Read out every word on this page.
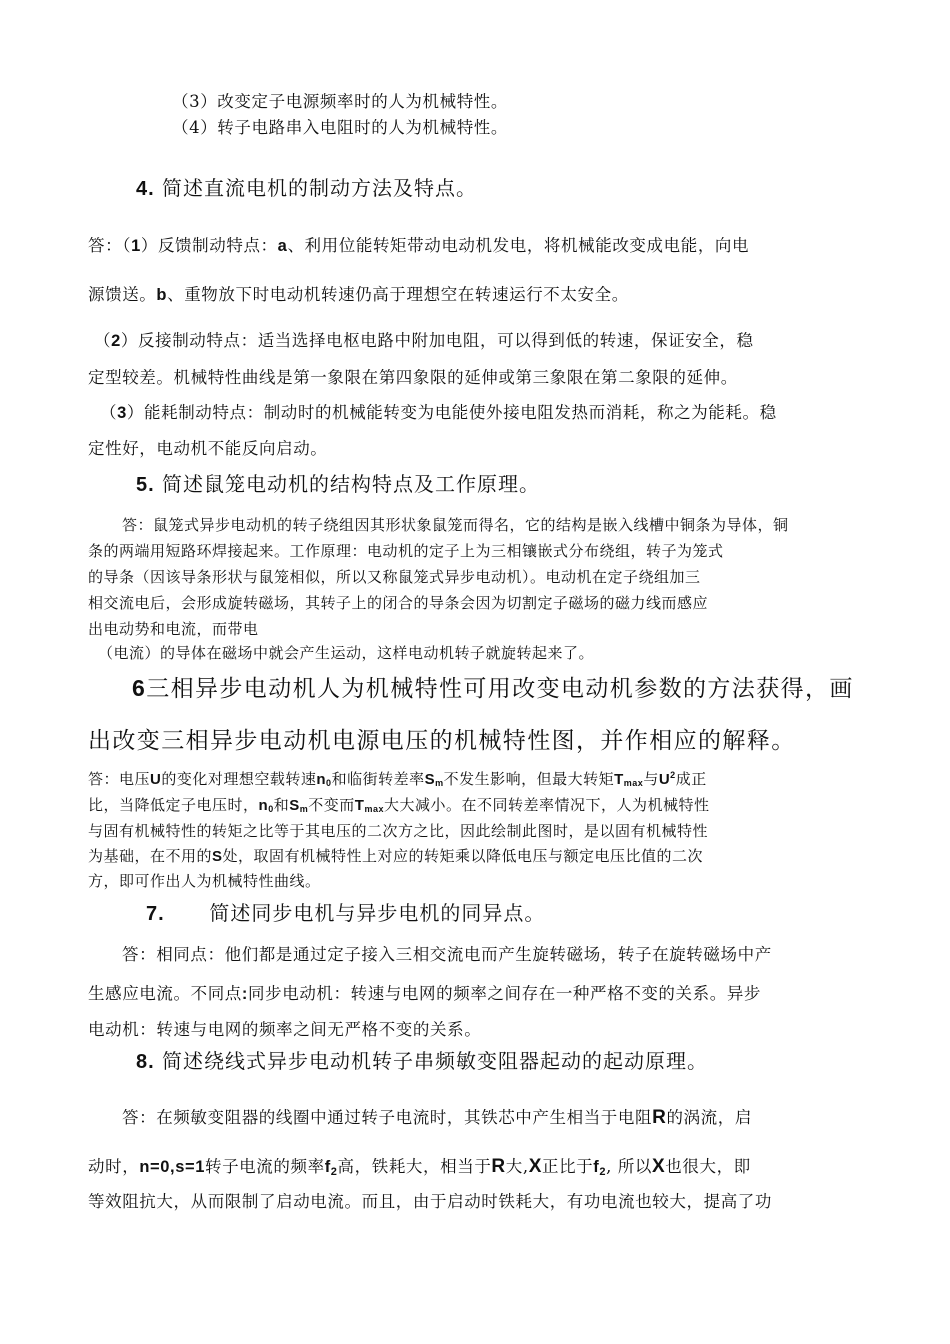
（3）改变定子电源频率时的人为机械特性。
（4）转子电路串入电阻时的人为机械特性。
4. 简述直流电机的制动方法及特点。
答：（1）反馈制动特点：a、利用位能转矩带动电动机发电，将机械能改变成电能，向电
源馈送。b、重物放下时电动机转速仍高于理想空在转速运行不太安全。
（2）反接制动特点：适当选择电枢电路中附加电阻，可以得到低的转速，保证安全，稳
定型较差。机械特性曲线是第一象限在第四象限的延伸或第三象限在第二象限的延伸。
（3）能耗制动特点：制动时的机械能转变为电能使外接电阻发热而消耗，称之为能耗。稳
定性好，电动机不能反向启动。
5. 简述鼠笼电动机的结构特点及工作原理。
答：鼠笼式异步电动机的转子绕组因其形状象鼠笼而得名，它的结构是嵌入线槽中铜条为导体，铜
条的两端用短路环焊接起来。工作原理：电动机的定子上为三相镶嵌式分布绕组，转子为笼式
的导条（因该导条形状与鼠笼相似，所以又称鼠笼式异步电动机）。电动机在定子绕组加三
相交流电后，会形成旋转磁场，其转子上的闭合的导条会因为切割定子磁场的磁力线而感应
出电动势和电流，而带电
（电流）的导体在磁场中就会产生运动，这样电动机转子就旋转起来了。
6三相异步电动机人为机械特性可用改变电动机参数的方法获得，画
出改变三相异步电动机电源电压的机械特性图，并作相应的解释。
答：电压U的变化对理想空载转速$n_0$和临街转差率$S_m$不发生影响，但最大转矩$T_{max}$与$U^2$成正
比，当降低定子电压时，$n_0$和$S_m$不变而$T_{max}$大大减小。在不同转差率情况下，人为机械特性
与固有机械特性的转矩之比等于其电压的二次方之比，因此绘制此图时，是以固有机械特性
为基础，在不用的S处，取固有机械特性上对应的转矩乘以降低电压与额定电压比值的二次
方，即可作出人为机械特性曲线。
7. 简述同步电机与异步电机的同异点。
答：相同点：他们都是通过定子接入三相交流电而产生旋转磁场，转子在旋转磁场中产
生感应电流。不同点:同步电动机：转速与电网的频率之间存在一种严格不变的关系。异步
电动机：转速与电网的频率之间无严格不变的关系。
8. 简述绕线式异步电动机转子串频敏变阻器起动的起动原理。
答：在频敏变阻器的线圈中通过转子电流时，其铁芯中产生相当于电阻R的涡流，启
动时，n=0,s=1转子电流的频率f2高，铁耗大，相当于R大,X正比于f2, 所以X也很大，即
等效阻抗大，从而限制了启动电流。而且，由于启动时铁耗大，有功电流也较大，提高了功
